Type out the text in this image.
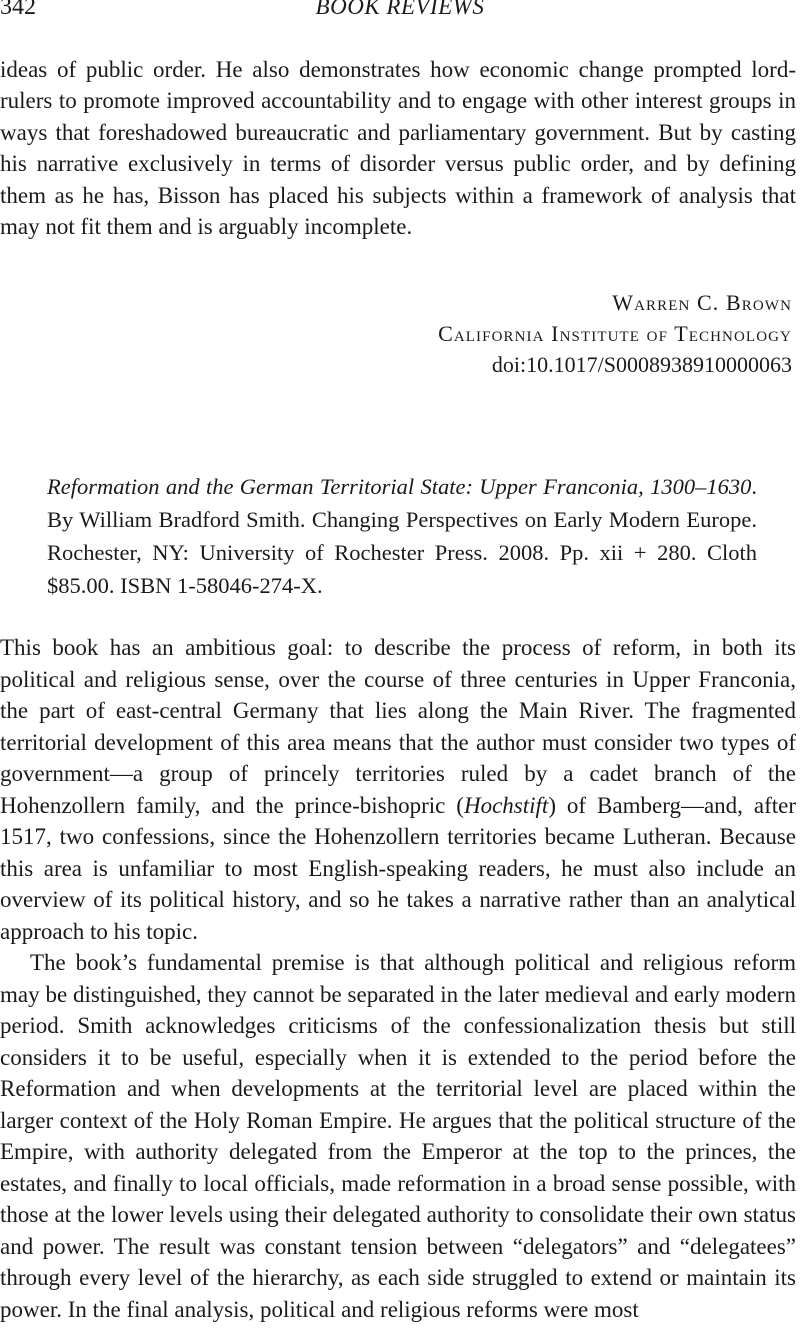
342	BOOK REVIEWS

ideas of public order. He also demonstrates how economic change prompted lord-rulers to promote improved accountability and to engage with other interest groups in ways that foreshadowed bureaucratic and parliamentary government. But by casting his narrative exclusively in terms of disorder versus public order, and by defining them as he has, Bisson has placed his subjects within a framework of analysis that may not fit them and is arguably incomplete.

Warren C. Brown
California Institute of Technology
doi:10.1017/S0008938910000063
Reformation and the German Territorial State: Upper Franconia, 1300–1630. By William Bradford Smith. Changing Perspectives on Early Modern Europe. Rochester, NY: University of Rochester Press. 2008. Pp. xii + 280. Cloth $85.00. ISBN 1-58046-274-X.

This book has an ambitious goal: to describe the process of reform, in both its political and religious sense, over the course of three centuries in Upper Franconia, the part of east-central Germany that lies along the Main River. The fragmented territorial development of this area means that the author must consider two types of government—a group of princely territories ruled by a cadet branch of the Hohenzollern family, and the prince-bishopric (Hochstift) of Bamberg—and, after 1517, two confessions, since the Hohenzollern territories became Lutheran. Because this area is unfamiliar to most English-speaking readers, he must also include an overview of its political history, and so he takes a narrative rather than an analytical approach to his topic.

The book’s fundamental premise is that although political and religious reform may be distinguished, they cannot be separated in the later medieval and early modern period. Smith acknowledges criticisms of the confessionalization thesis but still considers it to be useful, especially when it is extended to the period before the Reformation and when developments at the territorial level are placed within the larger context of the Holy Roman Empire. He argues that the political structure of the Empire, with authority delegated from the Emperor at the top to the princes, the estates, and finally to local officials, made reformation in a broad sense possible, with those at the lower levels using their delegated authority to consolidate their own status and power. The result was constant tension between “delegators” and “delegatees” through every level of the hierarchy, as each side struggled to extend or maintain its power. In the final analysis, political and religious reforms were most
